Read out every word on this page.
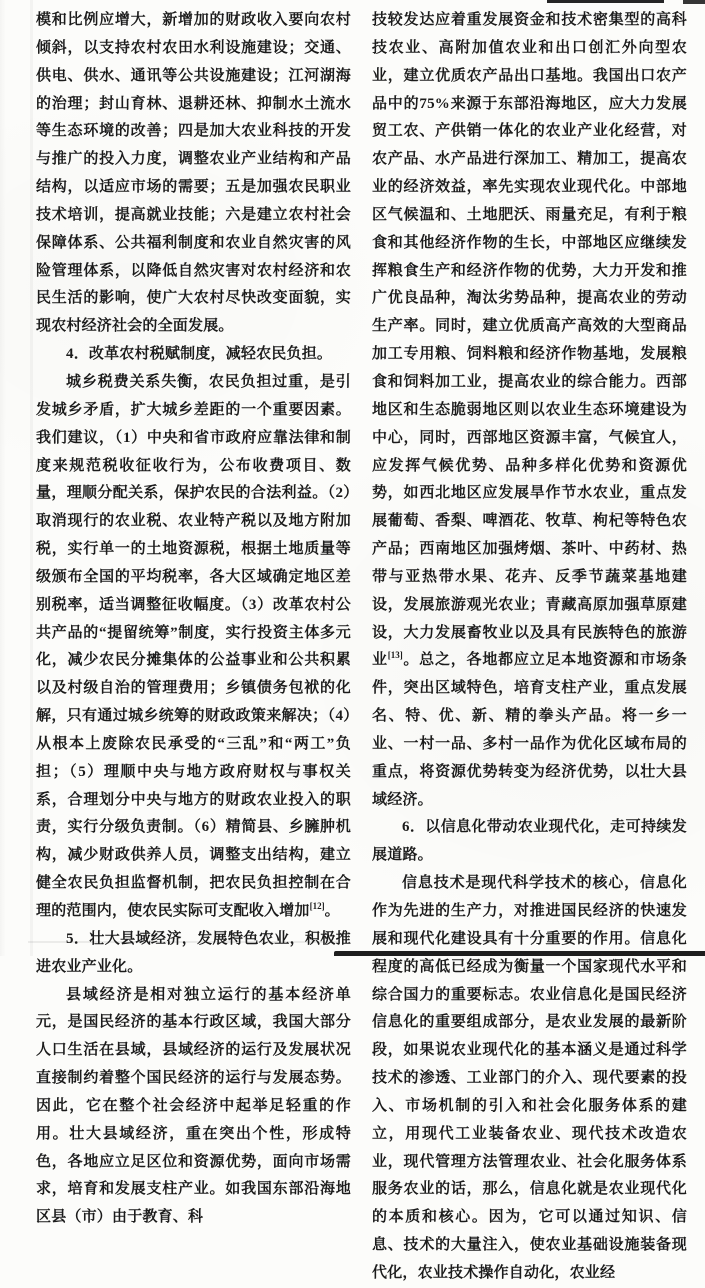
模和比例应增大，新增加的财政收入要向农村倾斜，以支持农村农田水利设施建设；交通、供电、供水、通讯等公共设施建设；江河湖海的治理；封山育林、退耕还林、抑制水土流水等生态环境的改善；四是加大农业科技的开发与推广的投入力度，调整农业产业结构和产品结构，以适应市场的需要；五是加强农民职业技术培训，提高就业技能；六是建立农村社会保障体系、公共福利制度和农业自然灾害的风险管理体系，以降低自然灾害对农村经济和农民生活的影响，使广大农村尽快改变面貌，实现农村经济社会的全面发展。

4．改革农村税赋制度，减轻农民负担。

城乡税费关系失衡，农民负担过重，是引发城乡矛盾，扩大城乡差距的一个重要因素。我们建议，（1）中央和省市政府应靠法律和制度来规范税收征收行为，公布收费项目、数量，理顺分配关系，保护农民的合法利益。（2）取消现行的农业税、农业特产税以及地方附加税，实行单一的土地资源税，根据土地质量等级颁布全国的平均税率，各大区域确定地区差别税率，适当调整征收幅度。（3）改革农村公共产品的“提留统筹”制度，实行投资主体多元化，减少农民分摊集体的公益事业和公共积累以及村级自治的管理费用；乡镇债务包袱的化解，只有通过城乡统筹的财政政策来解决；（4）从根本上废除农民承受的“三乱”和“两工”负担；（5）理顺中央与地方政府财权与事权关系，合理划分中央与地方的财政农业投入的职责，实行分级负责制。（6）精简县、乡臃肿机构，减少财政供养人员，调整支出结构，建立健全农民负担监督机制，把农民负担控制在合理的范围内，使农民实际可支配收入增加[12]。

5．壮大县域经济，发展特色农业，积极推进农业产业化。

县域经济是相对独立运行的基本经济单元，是国民经济的基本行政区域，我国大部分人口生活在县域，县域经济的运行及发展状况直接制约着整个国民经济的运行与发展态势。因此，它在整个社会经济中起举足轻重的作用。壮大县域经济，重在突出个性，形成特色，各地应立足区位和资源优势，面向市场需求，培育和发展支柱产业。如我国东部沿海地区县（市）由于教育、科

技较发达应着重发展资金和技术密集型的高科技农业、高附加值农业和出口创汇外向型农业，建立优质农产品出口基地。我国出口农产品中的75%来源于东部沿海地区，应大力发展贸工农、产供销一体化的农业产业化经营，对农产品、水产品进行深加工、精加工，提高农业的经济效益，率先实现农业现代化。中部地区气候温和、土地肥沃、雨量充足，有利于粮食和其他经济作物的生长，中部地区应继续发挥粮食生产和经济作物的优势，大力开发和推广优良品种，淘汰劣势品种，提高农业的劳动生产率。同时，建立优质高产高效的大型商品加工专用粮、饲料粮和经济作物基地，发展粮食和饲料加工业，提高农业的综合能力。西部地区和生态脆弱地区则以农业生态环境建设为中心，同时，西部地区资源丰富，气候宜人，应发挥气候优势、品种多样化优势和资源优势，如西北地区应发展旱作节水农业，重点发展葡萄、香梨、啤酒花、牧草、枸杞等特色农产品；西南地区加强烤烟、茶叶、中药材、热带与亚热带水果、花卉、反季节蔬菜基地建设，发展旅游观光农业；青藏高原加强草原建设，大力发展畜牧业以及具有民族特色的旅游业[13]。总之，各地都应立足本地资源和市场条件，突出区域特色，培育支柱产业，重点发展名、特、优、新、精的拳头产品。将一乡一业、一村一品、多村一品作为优化区域布局的重点，将资源优势转变为经济优势，以壮大县域经济。

6．以信息化带动农业现代化，走可持续发展道路。

信息技术是现代科学技术的核心，信息化作为先进的生产力，对推进国民经济的快速发展和现代化建设具有十分重要的作用。信息化程度的高低已经成为衡量一个国家现代水平和综合国力的重要标志。农业信息化是国民经济信息化的重要组成部分，是农业发展的最新阶段，如果说农业现代化的基本涵义是通过科学技术的渗透、工业部门的介入、现代要素的投入、市场机制的引入和社会化服务体系的建立，用现代工业装备农业、现代技术改造农业，现代管理方法管理农业、社会化服务体系服务农业的话，那么，信息化就是农业现代化的本质和核心。因为，它可以通过知识、信息、技术的大量注入，使农业基础设施装备现代化，农业技术操作自动化，农业经
